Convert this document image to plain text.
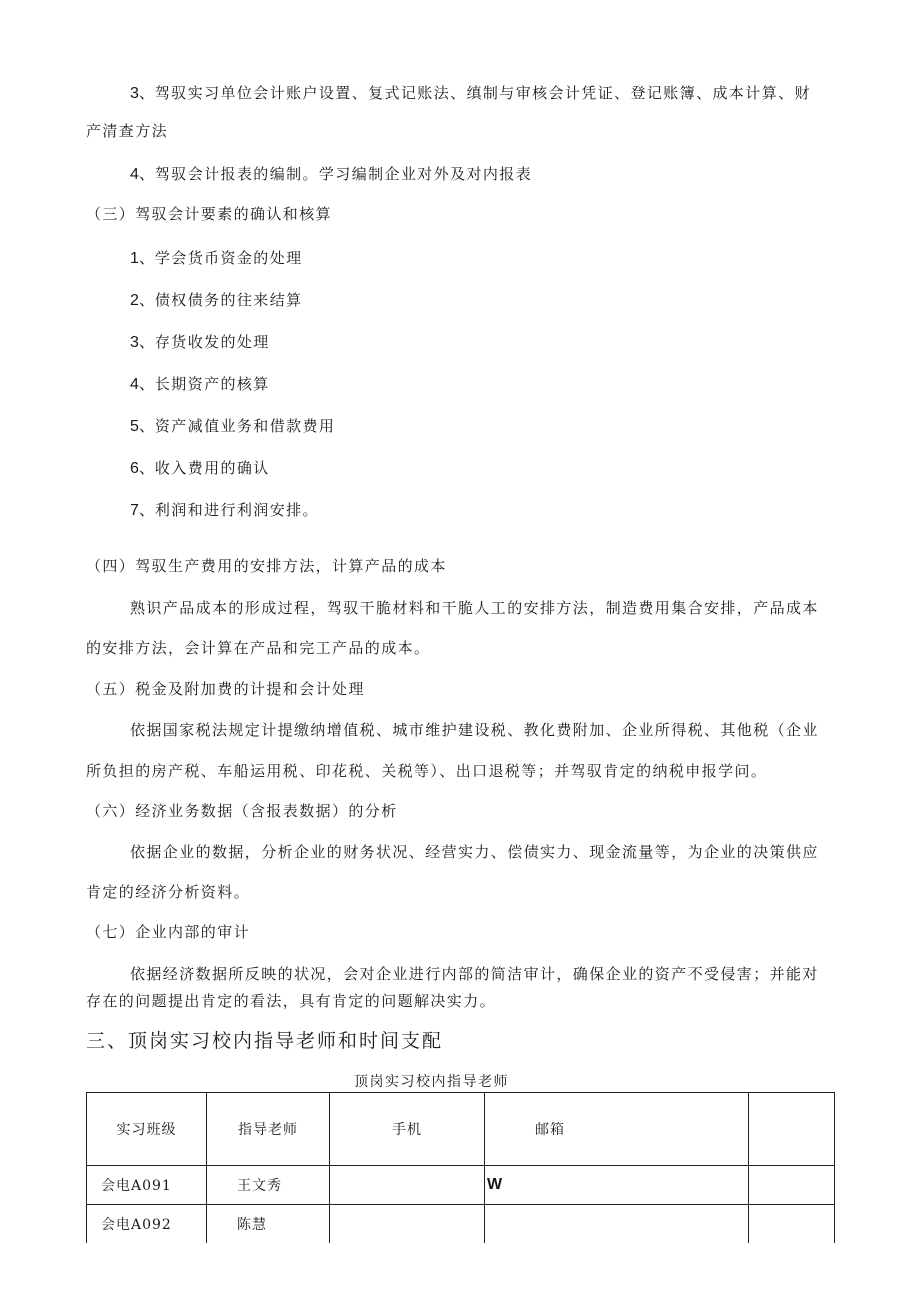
3、驾驭实习单位会计账户设置、复式记账法、缜制与审核会计凭证、登记账簿、成本计算、财
产清查方法
4、驾驭会计报表的编制。学习编制企业对外及对内报表
（三）驾驭会计要素的确认和核算
1、学会货币资金的处理
2、债权债务的往来结算
3、存货收发的处理
4、长期资产的核算
5、资产减值业务和借款费用
6、收入费用的确认
7、利润和进行利润安排。
（四）驾驭生产费用的安排方法，计算产品的成本
熟识产品成本的形成过程，驾驭干脆材料和干脆人工的安排方法，制造费用集合安排，产品成本
的安排方法，会计算在产品和完工产品的成本。
（五）税金及附加费的计提和会计处理
依据国家税法规定计提缴纳增值税、城市维护建设税、教化费附加、企业所得税、其他税（企业
所负担的房产税、车船运用税、印花税、关税等）、出口退税等；并驾驭肯定的纳税申报学问。
（六）经济业务数据（含报表数据）的分析
依据企业的数据，分析企业的财务状况、经营实力、偿债实力、现金流量等，为企业的决策供应
肯定的经济分析资料。
（七）企业内部的审计
依据经济数据所反映的状况，会对企业进行内部的简洁审计，确保企业的资产不受侵害；并能对
存在的问题提出肯定的看法，具有肯定的问题解决实力。
三、顶岗实习校内指导老师和时间支配
顶岗实习校内指导老师
实习班级	指导老师	手机	邮箱	

会电A091	王文秀		W	

会电A092	陈慧			
